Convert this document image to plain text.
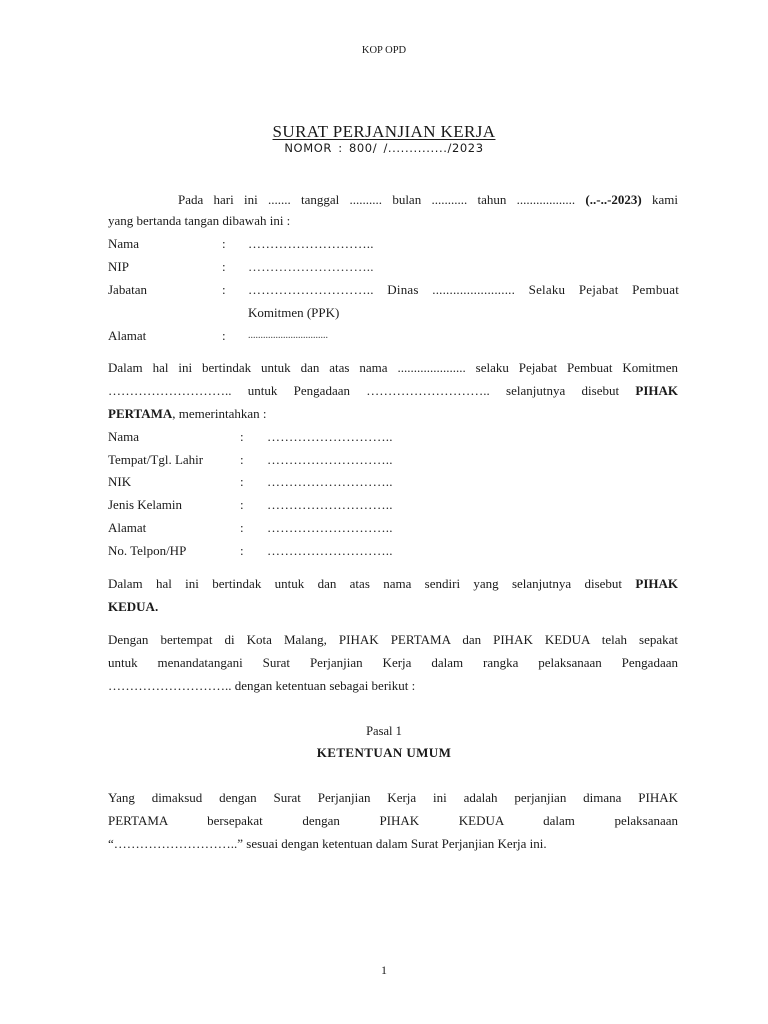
KOP OPD
SURAT PERJANJIAN KERJA
NOMOR : 800/ /............../2023
Pada hari ini ....... tanggal .......... bulan ........... tahun .................. (..-..-2023) kami
yang bertanda tangan dibawah ini :
Nama	: ………………………..
NIP	: ………………………..
Jabatan	: ……………………….. Dinas ........................ Selaku Pejabat Pembuat
Komitmen (PPK)
Alamat	: ................................
Dalam hal ini bertindak untuk dan atas nama ..................... selaku Pejabat Pembuat Komitmen
……………………….. untuk Pengadaan ……………………….. selanjutnya disebut PIHAK
PERTAMA, memerintahkan :
Nama	: ………………………..
Tempat/Tgl. Lahir	: ………………………..
NIK	: ………………………..
Jenis Kelamin	: ………………………..
Alamat	: ………………………..
No. Telpon/HP	: ………………………..
Dalam hal ini bertindak untuk dan atas nama sendiri yang selanjutnya disebut PIHAK
KEDUA.
Dengan bertempat di Kota Malang, PIHAK PERTAMA dan PIHAK KEDUA telah sepakat
untuk menandatangani Surat Perjanjian Kerja dalam rangka pelaksanaan Pengadaan
……………………….. dengan ketentuan sebagai berikut :
Pasal 1
KETENTUAN UMUM
Yang dimaksud dengan Surat Perjanjian Kerja ini adalah perjanjian dimana PIHAK
PERTAMA bersepakat dengan PIHAK KEDUA dalam pelaksanaan
“………………………..” sesuai dengan ketentuan dalam Surat Perjanjian Kerja ini.
1
